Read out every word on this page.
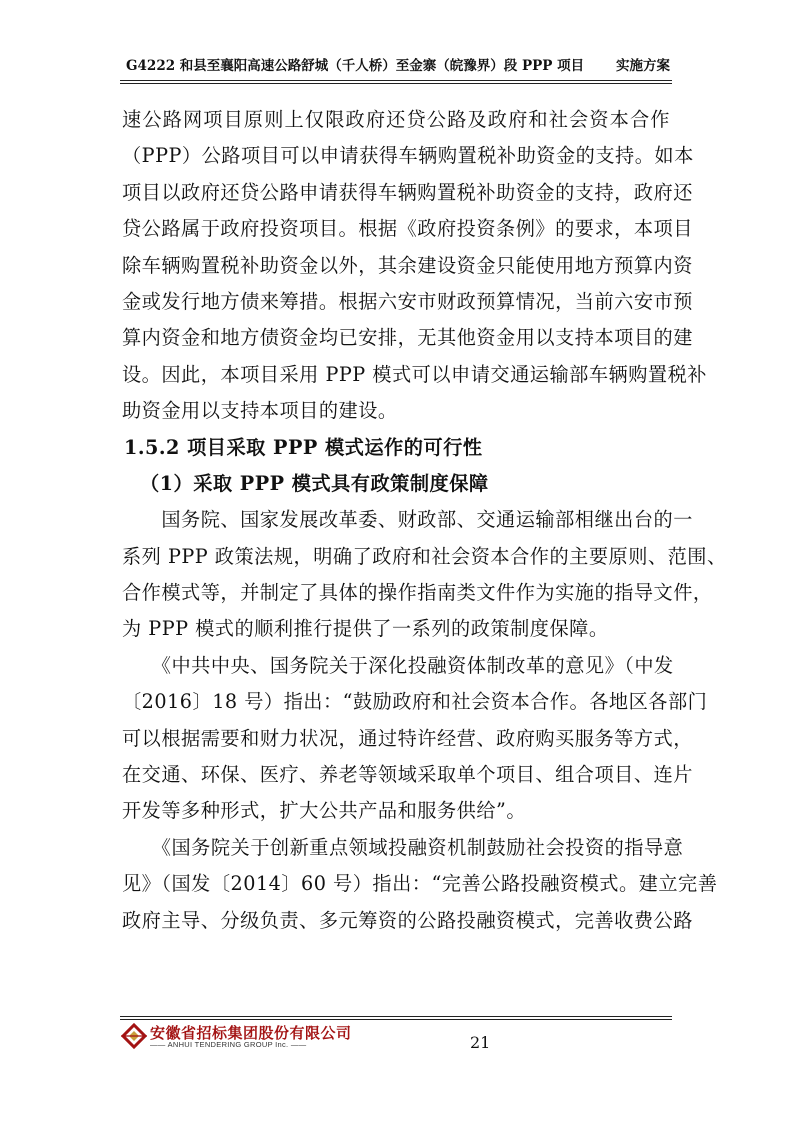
G4222 和县至襄阳高速公路舒城（千人桥）至金寨（皖豫界）段 PPP 项目 实施方案
速公路网项目原则上仅限政府还贷公路及政府和社会资本合作
（PPP）公路项目可以申请获得车辆购置税补助资金的支持。如本
项目以政府还贷公路申请获得车辆购置税补助资金的支持，政府还
贷公路属于政府投资项目。根据《政府投资条例》的要求，本项目
除车辆购置税补助资金以外，其余建设资金只能使用地方预算内资
金或发行地方债来筹措。根据六安市财政预算情况，当前六安市预
算内资金和地方债资金均已安排，无其他资金用以支持本项目的建
设。因此，本项目采用 PPP 模式可以申请交通运输部车辆购置税补
助资金用以支持本项目的建设。
1.5.2 项目采取 PPP 模式运作的可行性
（1）采取 PPP 模式具有政策制度保障
　　国务院、国家发展改革委、财政部、交通运输部相继出台的一
系列 PPP 政策法规，明确了政府和社会资本合作的主要原则、范围、
合作模式等，并制定了具体的操作指南类文件作为实施的指导文件，
为 PPP 模式的顺利推行提供了一系列的政策制度保障。
　　《中共中央、国务院关于深化投融资体制改革的意见》（中发
〔2016〕18 号）指出：“鼓励政府和社会资本合作。各地区各部门
可以根据需要和财力状况，通过特许经营、政府购买服务等方式，
在交通、环保、医疗、养老等领域采取单个项目、组合项目、连片
开发等多种形式，扩大公共产品和服务供给”。
　　《国务院关于创新重点领域投融资机制鼓励社会投资的指导意
见》（国发〔2014〕60 号）指出：“完善公路投融资模式。建立完善
政府主导、分级负责、多元筹资的公路投融资模式，完善收费公路
安徽省招标集团股份有限公司
—— ANHUI TENDERING GROUP Inc. ——	21
